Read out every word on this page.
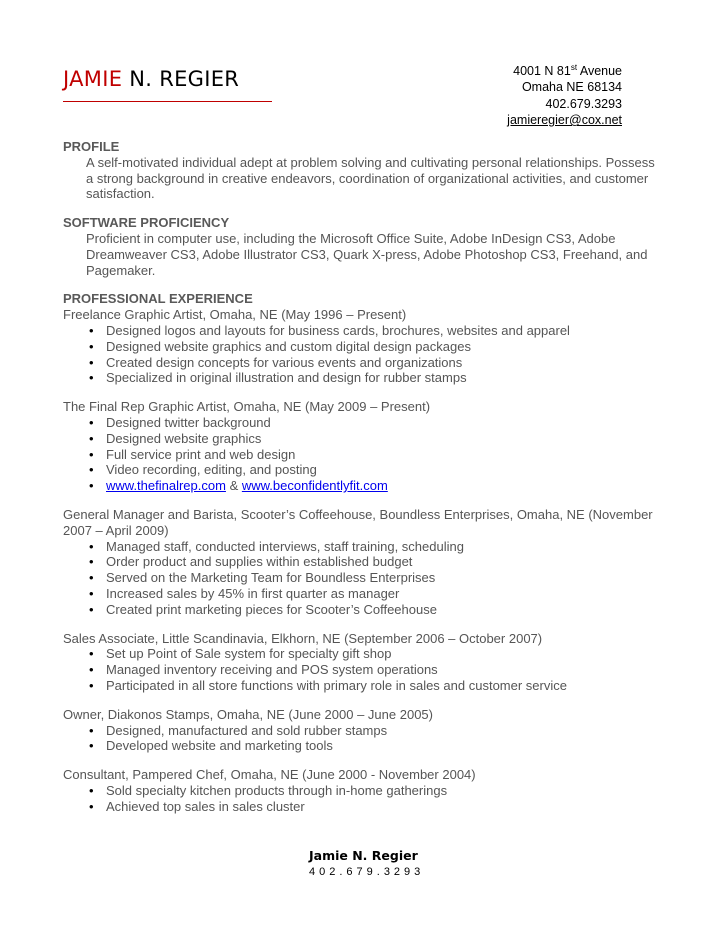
JAMIE N. REGIER	4001 N 81st Avenue
Omaha NE 68134
402.679.3293
jamieregier@cox.net
PROFILE
A self-motivated individual adept at problem solving and cultivating personal relationships. Possess a strong background in creative endeavors, coordination of organizational activities, and customer satisfaction.
SOFTWARE PROFICIENCY
Proficient in computer use, including the Microsoft Office Suite, Adobe InDesign CS3, Adobe Dreamweaver CS3, Adobe Illustrator CS3, Quark X-press, Adobe Photoshop CS3, Freehand, and Pagemaker.
PROFESSIONAL EXPERIENCE
Freelance Graphic Artist, Omaha, NE (May 1996 – Present)
• Designed logos and layouts for business cards, brochures, websites and apparel
• Designed website graphics and custom digital design packages
• Created design concepts for various events and organizations
• Specialized in original illustration and design for rubber stamps
The Final Rep Graphic Artist, Omaha, NE (May 2009 – Present)
• Designed twitter background
• Designed website graphics
• Full service print and web design
• Video recording, editing, and posting
• www.thefinalrep.com & www.beconfidentlyfit.com
General Manager and Barista, Scooter’s Coffeehouse, Boundless Enterprises, Omaha, NE (November 2007 – April 2009)
• Managed staff, conducted interviews, staff training, scheduling
• Order product and supplies within established budget
• Served on the Marketing Team for Boundless Enterprises
• Increased sales by 45% in first quarter as manager
• Created print marketing pieces for Scooter’s Coffeehouse
Sales Associate, Little Scandinavia, Elkhorn, NE (September 2006 – October 2007)
• Set up Point of Sale system for specialty gift shop
• Managed inventory receiving and POS system operations
• Participated in all store functions with primary role in sales and customer service
Owner, Diakonos Stamps, Omaha, NE (June 2000 – June 2005)
• Designed, manufactured and sold rubber stamps
• Developed website and marketing tools
Consultant, Pampered Chef, Omaha, NE (June 2000 - November 2004)
• Sold specialty kitchen products through in-home gatherings
• Achieved top sales in sales cluster
Jamie N. Regier
402.679.3293
